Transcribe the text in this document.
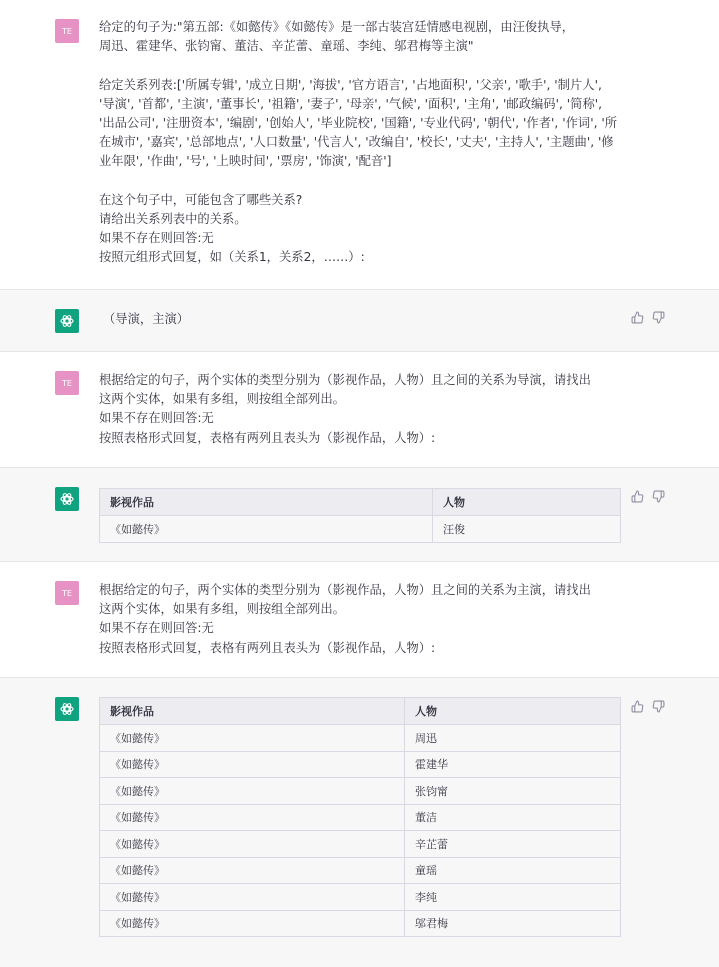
TE	给定的句子为:"第五部:《如懿传》《如懿传》是一部古装宫廷情感电视剧，由汪俊执导，
周迅、霍建华、张钧甯、董洁、辛芷蕾、童瑶、李纯、邬君梅等主演"

给定关系列表:['所属专辑', '成立日期', '海拔', '官方语言', '占地面积', '父亲', '歌手', '制片人',
'导演', '首都', '主演', '董事长', '祖籍', '妻子', '母亲', '气候', '面积', '主角', '邮政编码', '简称',
'出品公司', '注册资本', '编剧', '创始人', '毕业院校', '国籍', '专业代码', '朝代', '作者', '作词', '所
在城市', '嘉宾', '总部地点', '人口数量', '代言人', '改编自', '校长', '丈夫', '主持人', '主题曲', '修
业年限', '作曲', '号', '上映时间', '票房', '饰演', '配音']

在这个句子中，可能包含了哪些关系?
请给出关系列表中的关系。
如果不存在则回答:无
按照元组形式回复，如（关系1，关系2，……）:
（导演，主演）
TE	根据给定的句子，两个实体的类型分别为（影视作品，人物）且之间的关系为导演，请找出
这两个实体，如果有多组，则按组全部列出。
如果不存在则回答:无
按照表格形式回复，表格有两列且表头为（影视作品，人物）:
影视作品	人物
《如懿传》	汪俊
TE	根据给定的句子，两个实体的类型分别为（影视作品，人物）且之间的关系为主演，请找出
这两个实体，如果有多组，则按组全部列出。
如果不存在则回答:无
按照表格形式回复，表格有两列且表头为（影视作品，人物）:
影视作品	人物
《如懿传》	周迅
《如懿传》	霍建华
《如懿传》	张钧甯
《如懿传》	董洁
《如懿传》	辛芷蕾
《如懿传》	童瑶
《如懿传》	李纯
《如懿传》	邬君梅
